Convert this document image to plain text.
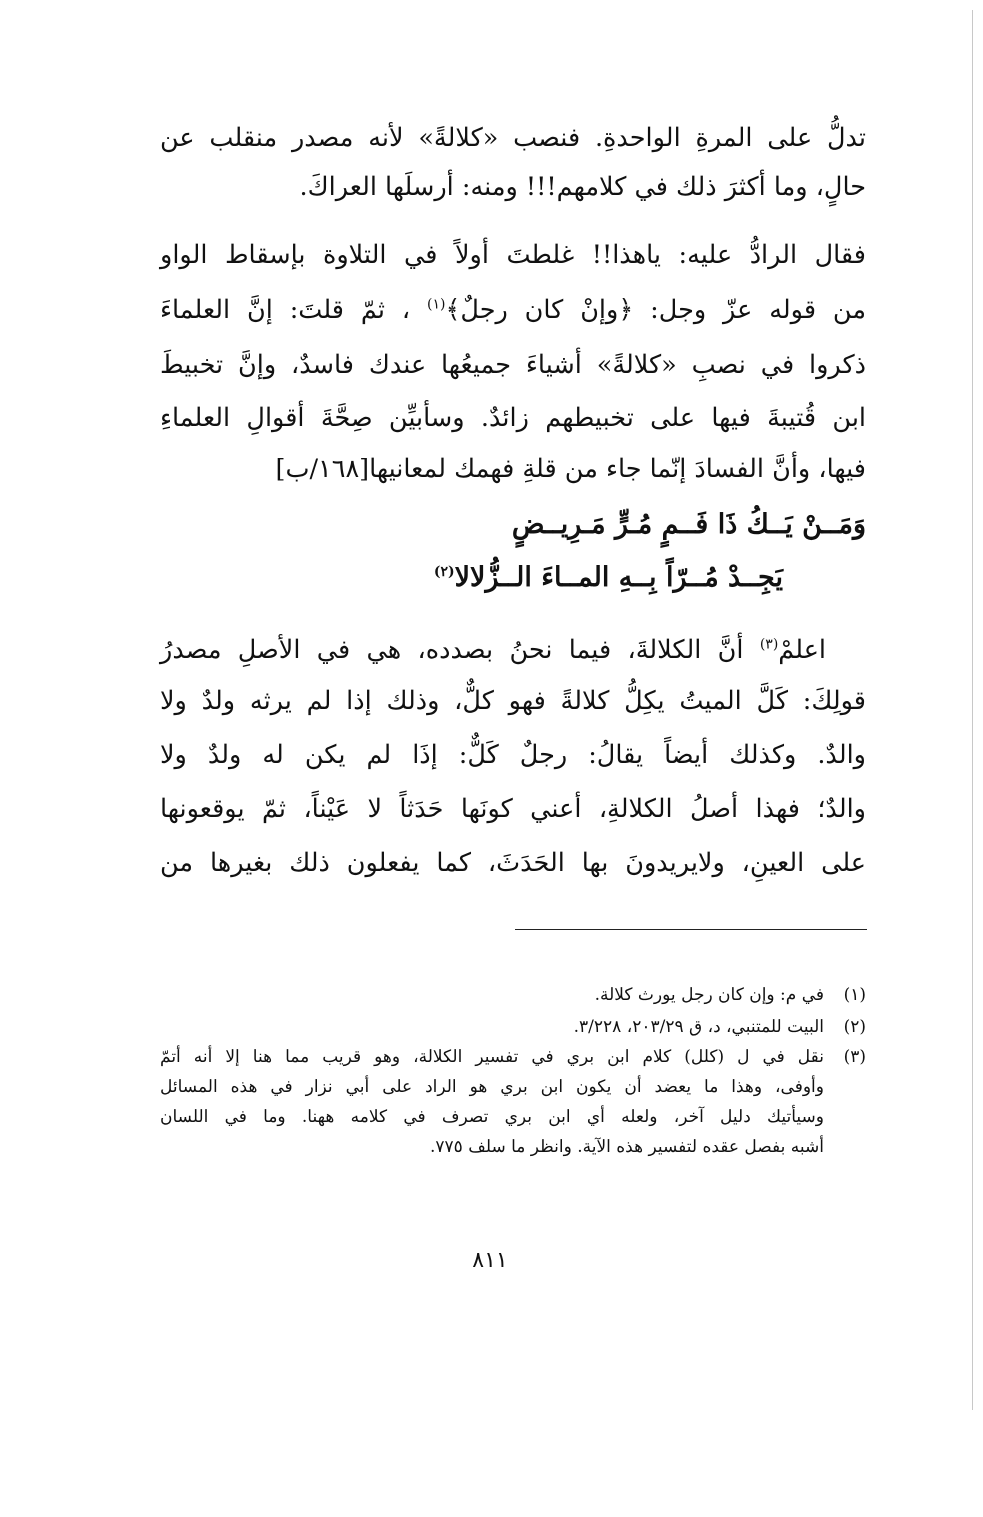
تدلُّ على المرةِ الواحدةِ. فنصب «كلالةً» لأنه مصدر منقلب عن
حالٍ، وما أكثرَ ذلك في كلامهم!!! ومنه: أرسلَها العراكَ.
فقال الرادُّ عليه: ياهذا!! غلطتَ أولاً في التلاوة بإسقاط الواو
من قوله عزّ وجل: ﴿وإنْ كان رجلٌ﴾$^{(١)}$ ، ثمّ قلتَ: إنَّ العلماءَ
ذكروا في نصبِ «كلالةً» أشياءَ جميعُها عندك فاسدٌ، وإنَّ تخبيطَ
ابن قُتيبةَ فيها على تخبيطهم زائدٌ. وسأبيِّن صِحَّةَ أقوالِ العلماءِ
فيها، وأنَّ الفسادَ إنّما جاء من قلةِ فهمك لمعانيها[١٦٨/ب]
وَمَــنْ يَــكُ ذَا فَــمٍ مُـرٍّ مَـرِيــضٍ
يَجِــدْ مُــرّاً بِــهِ المــاءَ الــزُّلالا$^{(٢)}$
اعلمْ$^{(٣)}$ أنَّ الكلالةَ، فيما نحنُ بصدده، هي في الأصلِ مصدرُ
قولِكَ: كَلَّ الميتُ يكِلُّ كلالةً فهو كلٌّ، وذلك إذا لم يرثه ولدٌ ولا
والدٌ. وكذلك أيضاً يقالُ: رجلٌ كَلٌّ: إذَا لم يكن له ولدٌ ولا
والدٌ؛ فهذا أصلُ الكلالةِ، أعني كونَها حَدَثاً لا عَيْناً، ثمّ يوقعونها
على العينِ، ولايريدونَ بها الحَدَثَ، كما يفعلون ذلك بغيرها من
(١)
في م: وإن كان رجل يورث كلالة.
(٢)
البيت للمتنبي، د، ق ٢٠٣/٢٩، ٣/٢٢٨.
(٣)
نقل في ل (كلل) كلام ابن بري في تفسير الكلالة، وهو قريب مما هنا إلا أنه أتمّ
وأوفى، وهذا ما يعضد أن يكون ابن بري هو الراد على أبي نزار في هذه المسائل
وسيأتيك دليل آخر، ولعله أي ابن بري تصرف في كلامه ههنا. وما في اللسان
أشبه بفصل عقده لتفسير هذه الآية. وانظر ما سلف ٧٧٥.
٨١١
